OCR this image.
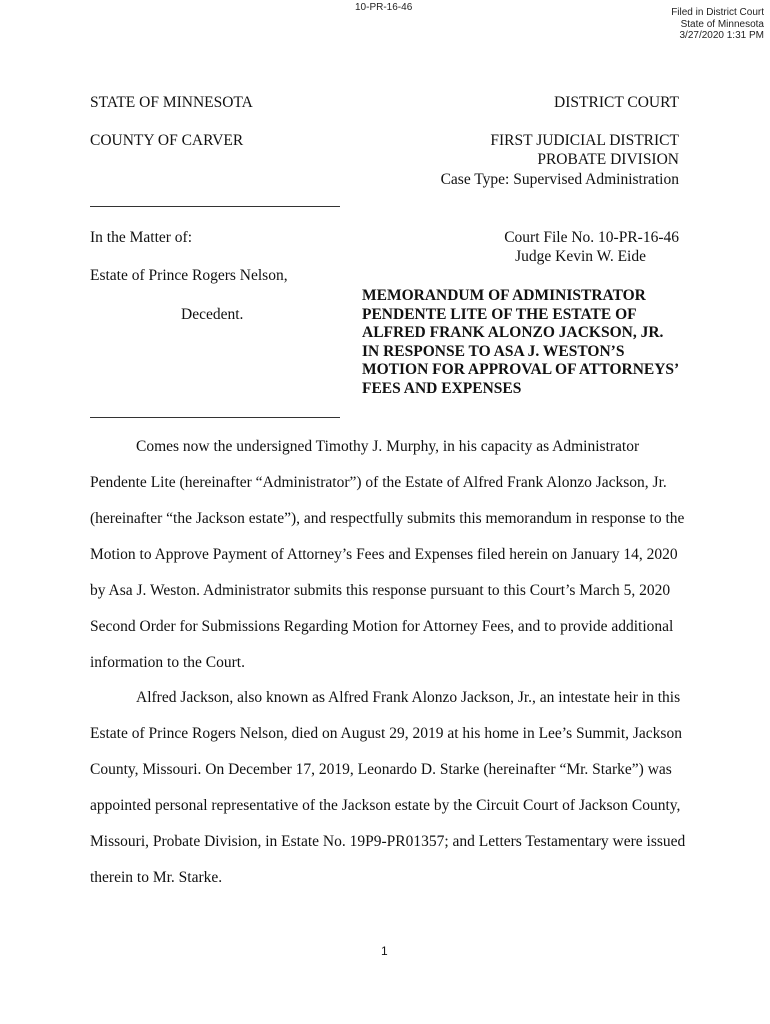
10-PR-16-46	Filed in District Court
State of Minnesota
3/27/2020 1:31 PM
STATE OF MINNESOTA
COUNTY OF CARVER
In the Matter of:
Estate of Prince Rogers Nelson,
Decedent.
DISTRICT COURT
FIRST JUDICIAL DISTRICT
PROBATE DIVISION
Case Type: Supervised Administration
Court File No. 10-PR-16-46
Judge Kevin W. Eide
MEMORANDUM OF ADMINISTRATOR
PENDENTE LITE OF THE ESTATE OF
ALFRED FRANK ALONZO JACKSON, JR.
IN RESPONSE TO ASA J. WESTON’S
MOTION FOR APPROVAL OF ATTORNEYS’
FEES AND EXPENSES
Comes now the undersigned Timothy J. Murphy, in his capacity as Administrator
Pendente Lite (hereinafter “Administrator”) of the Estate of Alfred Frank Alonzo Jackson, Jr.
(hereinafter “the Jackson estate”), and respectfully submits this memorandum in response to the
Motion to Approve Payment of Attorney’s Fees and Expenses filed herein on January 14, 2020
by Asa J. Weston. Administrator submits this response pursuant to this Court’s March 5, 2020
Second Order for Submissions Regarding Motion for Attorney Fees, and to provide additional
information to the Court.
Alfred Jackson, also known as Alfred Frank Alonzo Jackson, Jr., an intestate heir in this
Estate of Prince Rogers Nelson, died on August 29, 2019 at his home in Lee’s Summit, Jackson
County, Missouri. On December 17, 2019, Leonardo D. Starke (hereinafter “Mr. Starke”) was
appointed personal representative of the Jackson estate by the Circuit Court of Jackson County,
Missouri, Probate Division, in Estate No. 19P9-PR01357; and Letters Testamentary were issued
therein to Mr. Starke.
1
